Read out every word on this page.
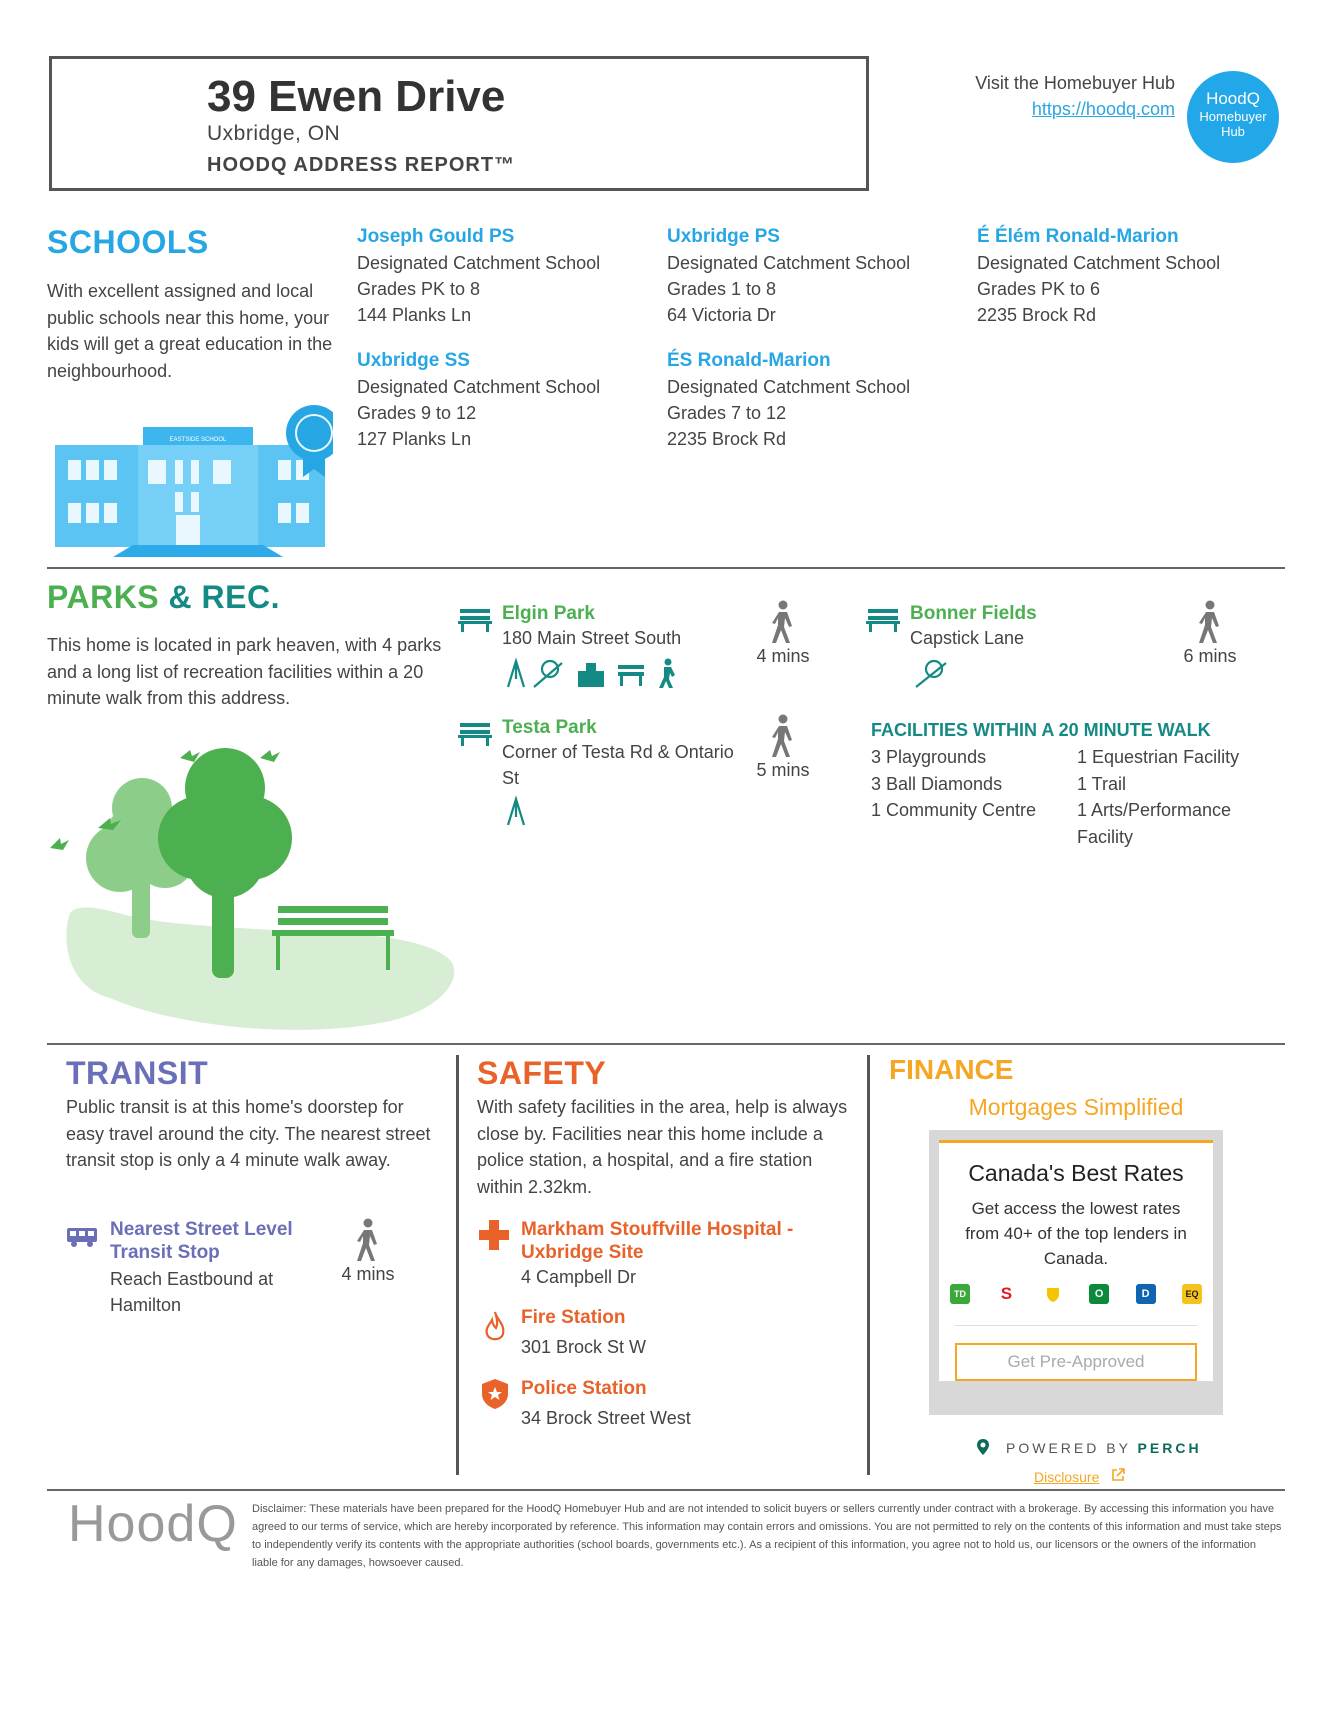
39 Ewen Drive
Uxbridge, ON
HOODQ ADDRESS REPORT™
Visit the Homebuyer Hub
https://hoodq.com
HoodQ
Homebuyer
Hub
SCHOOLS
With excellent assigned and local public schools near this home, your kids will get a great education in the neighbourhood.
EASTSIDE SCHOOL
Joseph Gould PS
Designated Catchment School
Grades PK to 8
144 Planks Ln
Uxbridge PS
Designated Catchment School
Grades 1 to 8
64 Victoria Dr
É Élém Ronald-Marion
Designated Catchment School
Grades PK to 6
2235 Brock Rd
Uxbridge SS
Designated Catchment School
Grades 9 to 12
127 Planks Ln
ÉS Ronald-Marion
Designated Catchment School
Grades 7 to 12
2235 Brock Rd
PARKS & REC.
This home is located in park heaven, with 4 parks and a long list of recreation facilities within a 20 minute walk from this address.
Elgin Park
180 Main Street South
4 mins
Bonner Fields
Capstick Lane
6 mins
Testa Park
Corner of Testa Rd & Ontario St	5 mins
FACILITIES WITHIN A 20 MINUTE WALK
3 Playgrounds
3 Ball Diamonds
1 Community Centre
1 Equestrian Facility
1 Trail
1 Arts/Performance Facility
TRANSIT
Public transit is at this home's doorstep for easy travel around the city. The nearest street transit stop is only a 4 minute walk away.
Nearest Street Level Transit Stop
Reach Eastbound at Hamilton
4 mins
SAFETY
With safety facilities in the area, help is always close by. Facilities near this home include a police station, a hospital, and a fire station within 2.32km.
Markham Stouffville Hospital - Uxbridge Site
4 Campbell Dr
Fire Station
301 Brock St W
Police Station
34 Brock Street West
FINANCE
Mortgages Simplified
Canada's Best Rates
Get access the lowest rates from 40+ of the top lenders in Canada.
TD S	O	D	EQ
Get Pre-Approved
POWERED BY PERCH
Disclosure
HoodQ Disclaimer: These materials have been prepared for the HoodQ Homebuyer Hub and are not intended to solicit buyers or sellers currently under contract with a brokerage. By accessing this information you have agreed to our terms of service, which are hereby incorporated by reference. This information may contain errors and omissions. You are not permitted to rely on the contents of this information and must take steps to independently verify its contents with the appropriate authorities (school boards, governments etc.). As a recipient of this information, you agree not to hold us, our licensors or the owners of the information liable for any damages, howsoever caused.
